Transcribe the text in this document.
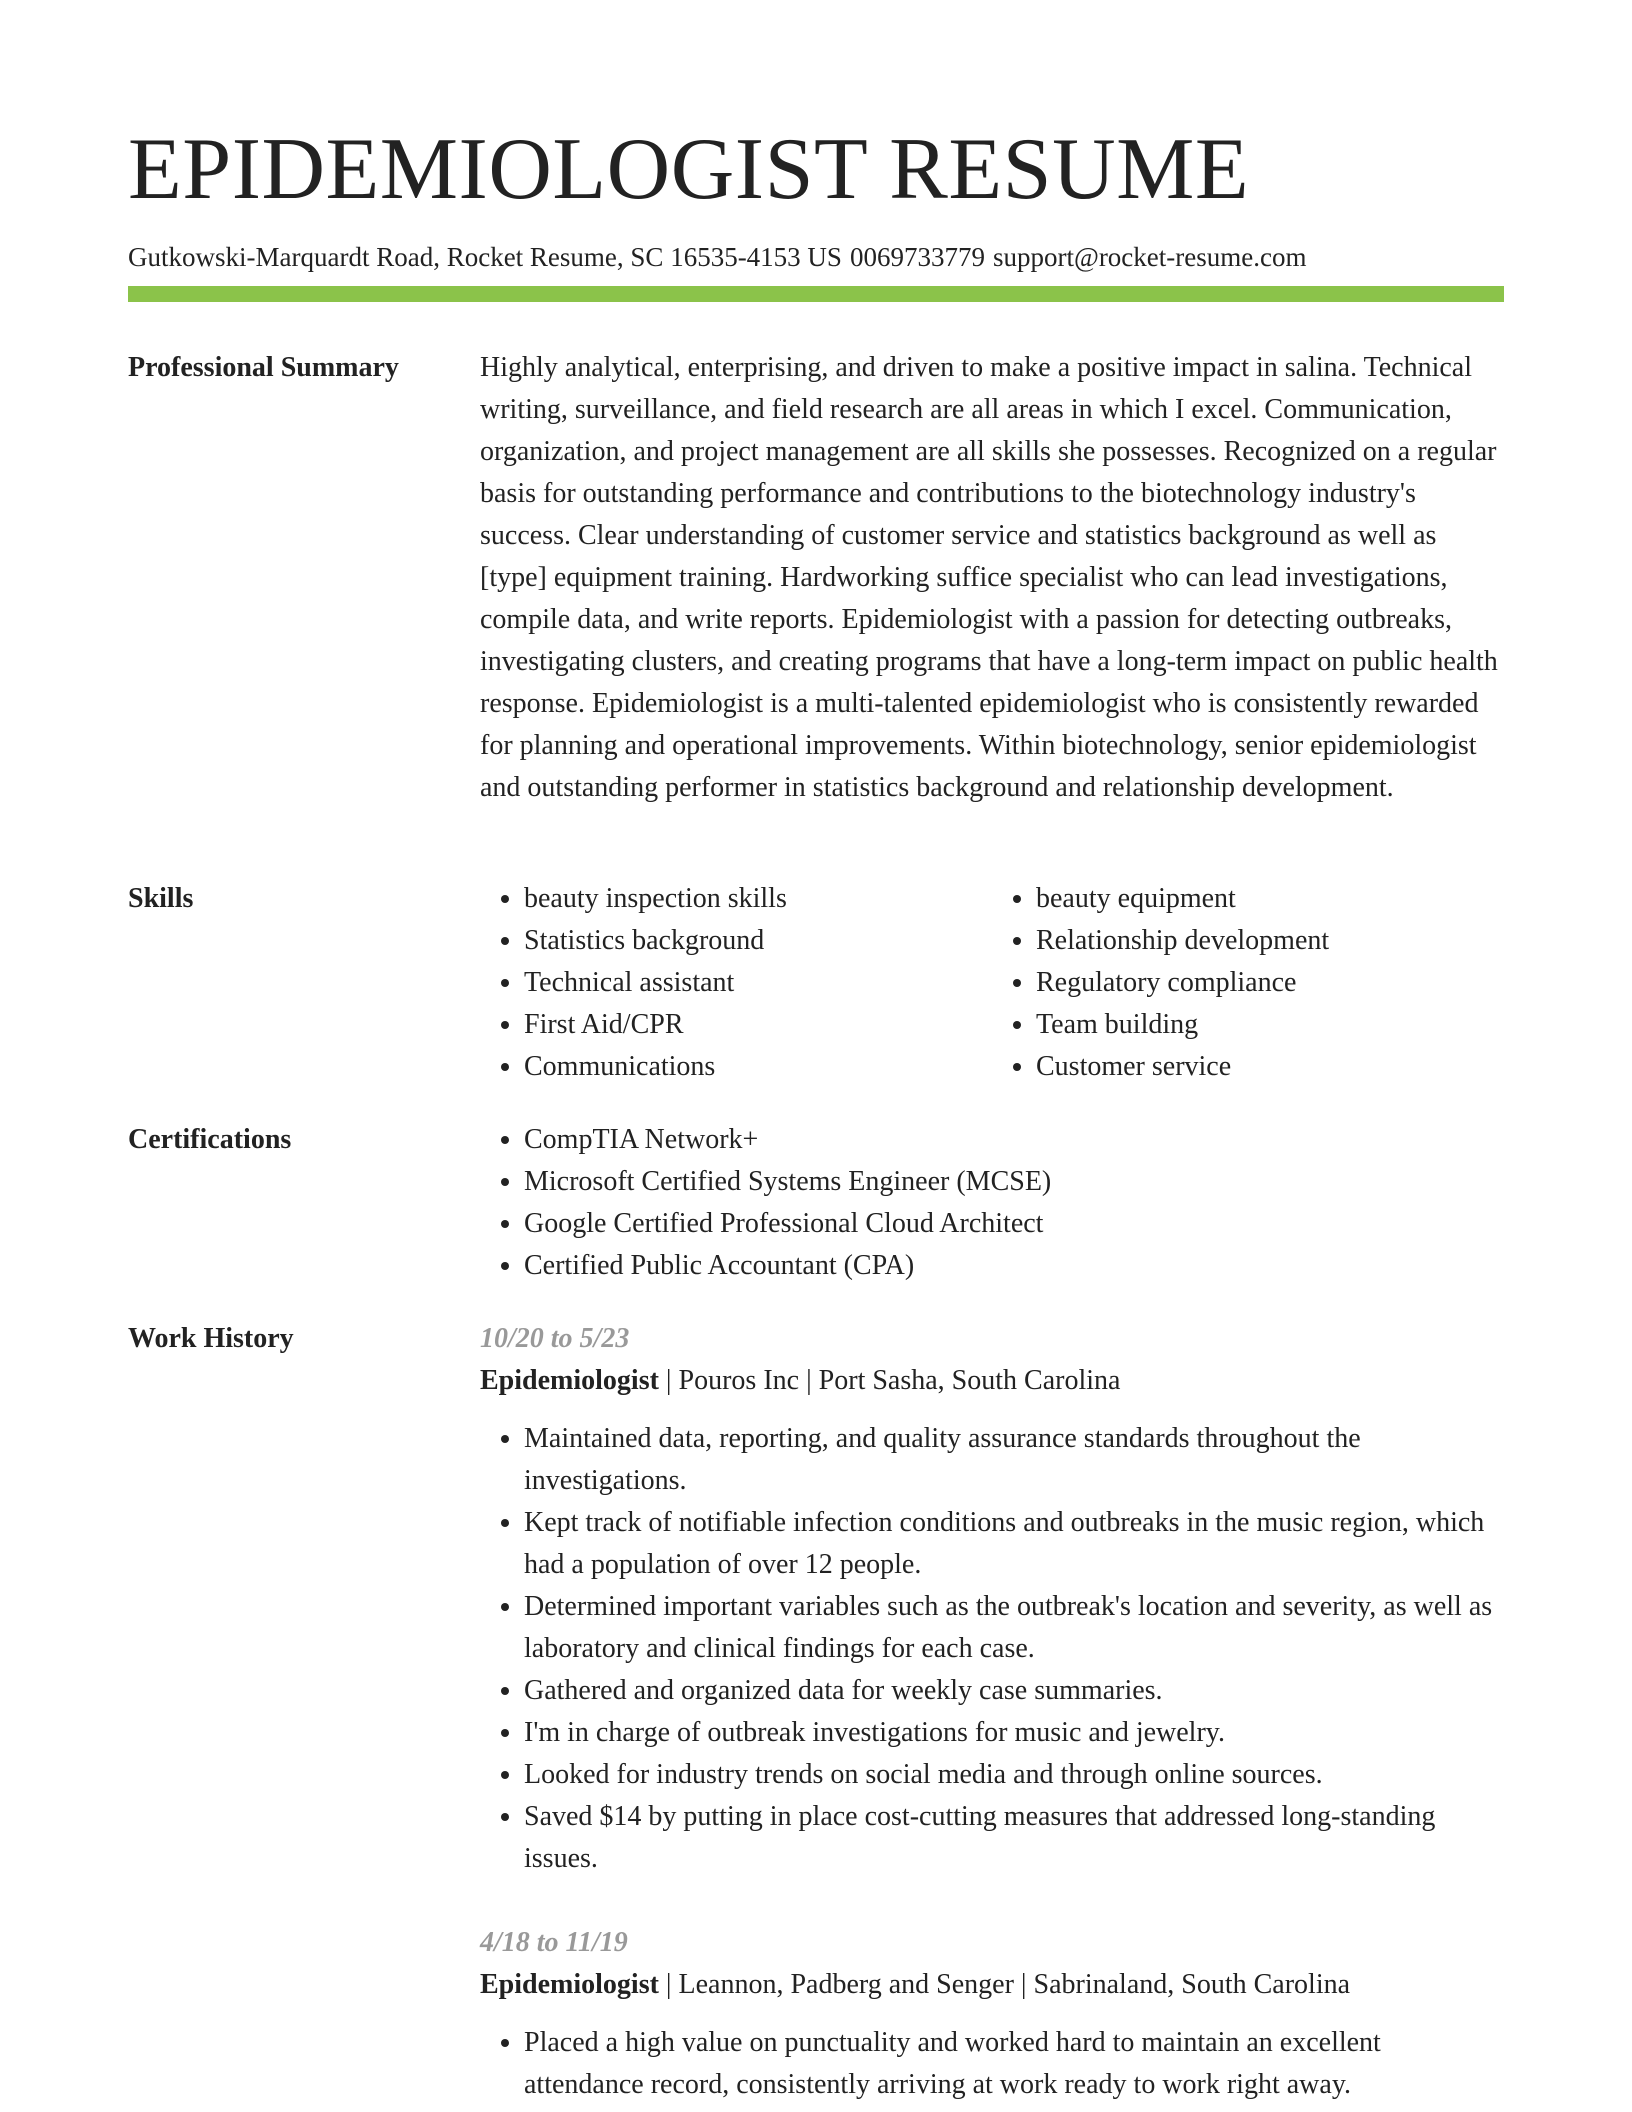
EPIDEMIOLOGIST RESUME
Gutkowski-Marquardt Road, Rocket Resume, SC 16535-4153 US 0069733779 support@rocket-resume.com
Professional Summary	Highly analytical, enterprising, and driven to make a positive impact in salina. Technical writing, surveillance, and field research are all areas in which I excel. Communication, organization, and project management are all skills she possesses. Recognized on a regular basis for outstanding performance and contributions to the biotechnology industry's success. Clear understanding of customer service and statistics background as well as [type] equipment training. Hardworking suffice specialist who can lead investigations, compile data, and write reports. Epidemiologist with a passion for detecting outbreaks, investigating clusters, and creating programs that have a long-term impact on public health response. Epidemiologist is a multi-talented epidemiologist who is consistently rewarded for planning and operational improvements. Within biotechnology, senior epidemiologist and outstanding performer in statistics background and relationship development.

Skills	• beauty inspection skills
• Statistics background
• Technical assistant
• First Aid/CPR
• Communications
• beauty equipment
• Relationship development
• Regulatory compliance
• Team building
• Customer service
Certifications	• CompTIA Network+
• Microsoft Certified Systems Engineer (MCSE)
• Google Certified Professional Cloud Architect
• Certified Public Accountant (CPA)
Work History	10/20 to 5/23
Epidemiologist | Pouros Inc | Port Sasha, South Carolina
• Maintained data, reporting, and quality assurance standards throughout the investigations.
• Kept track of notifiable infection conditions and outbreaks in the music region, which had a population of over 12 people.
• Determined important variables such as the outbreak's location and severity, as well as laboratory and clinical findings for each case.
• Gathered and organized data for weekly case summaries.
• I'm in charge of outbreak investigations for music and jewelry.
• Looked for industry trends on social media and through online sources.
• Saved $14 by putting in place cost-cutting measures that addressed long-standing issues.
4/18 to 11/19
Epidemiologist | Leannon, Padberg and Senger | Sabrinaland, South Carolina
• Placed a high value on punctuality and worked hard to maintain an excellent attendance record, consistently arriving at work ready to work right away.
